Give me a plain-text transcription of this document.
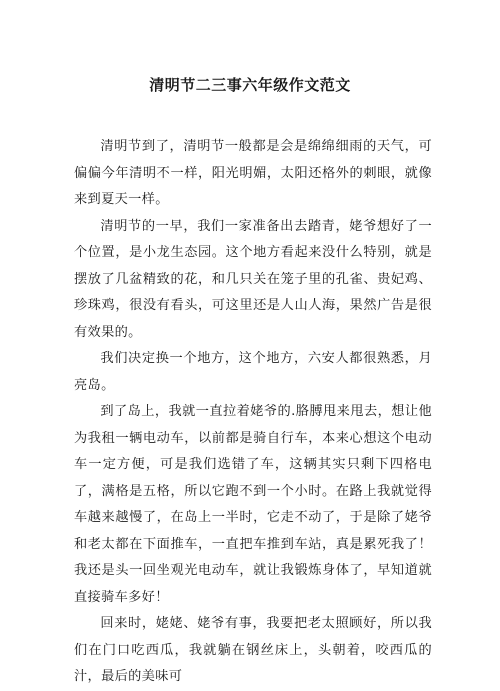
清明节二三事六年级作文范文

清明节到了，清明节一般都是会是绵绵细雨的天气，可偏偏今年清明不一样，阳光明媚，太阳还格外的刺眼，就像来到夏天一样。

清明节的一早，我们一家准备出去踏青，姥爷想好了一个位置，是小龙生态园。这个地方看起来没什么特别，就是摆放了几盆精致的花，和几只关在笼子里的孔雀、贵妃鸡、珍珠鸡，很没有看头，可这里还是人山人海，果然广告是很有效果的。

我们决定换一个地方，这个地方，六安人都很熟悉，月亮岛。

到了岛上，我就一直拉着姥爷的.胳膊甩来甩去，想让他为我租一辆电动车，以前都是骑自行车，本来心想这个电动车一定方便，可是我们选错了车，这辆其实只剩下四格电了，满格是五格，所以它跑不到一个小时。在路上我就觉得车越来越慢了，在岛上一半时，它走不动了，于是除了姥爷和老太都在下面推车，一直把车推到车站，真是累死我了！我还是头一回坐观光电动车，就让我锻炼身体了，早知道就直接骑车多好！

回来时，姥姥、姥爷有事，我要把老太照顾好，所以我们在门口吃西瓜，我就躺在钢丝床上，头朝着，咬西瓜的汁，最后的美味可
